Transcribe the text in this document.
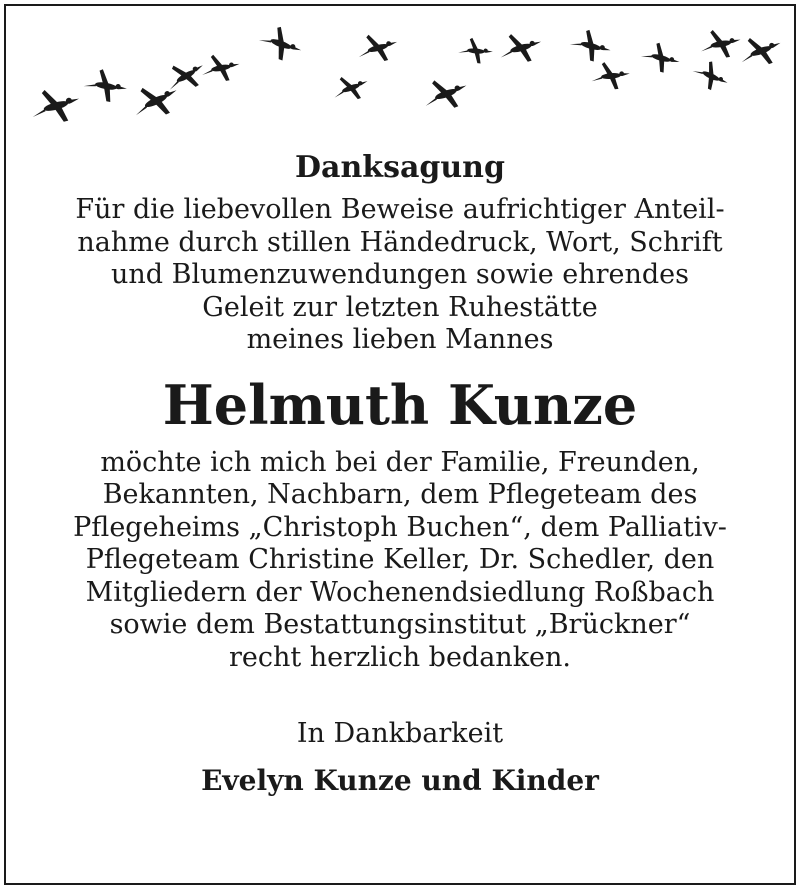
Danksagung
Für die liebevollen Beweise aufrichtiger Anteil-
nahme durch stillen Händedruck, Wort, Schrift
und Blumenzuwendungen sowie ehrendes
Geleit zur letzten Ruhestätte
meines lieben Mannes
Helmuth Kunze
möchte ich mich bei der Familie, Freunden,
Bekannten, Nachbarn, dem Pflegeteam des
Pflegeheims „Christoph Buchen“, dem Palliativ-
Pflegeteam Christine Keller, Dr. Schedler, den
Mitgliedern der Wochenendsiedlung Roßbach
sowie dem Bestattungsinstitut „Brückner“
recht herzlich bedanken.
In Dankbarkeit
Evelyn Kunze und Kinder
